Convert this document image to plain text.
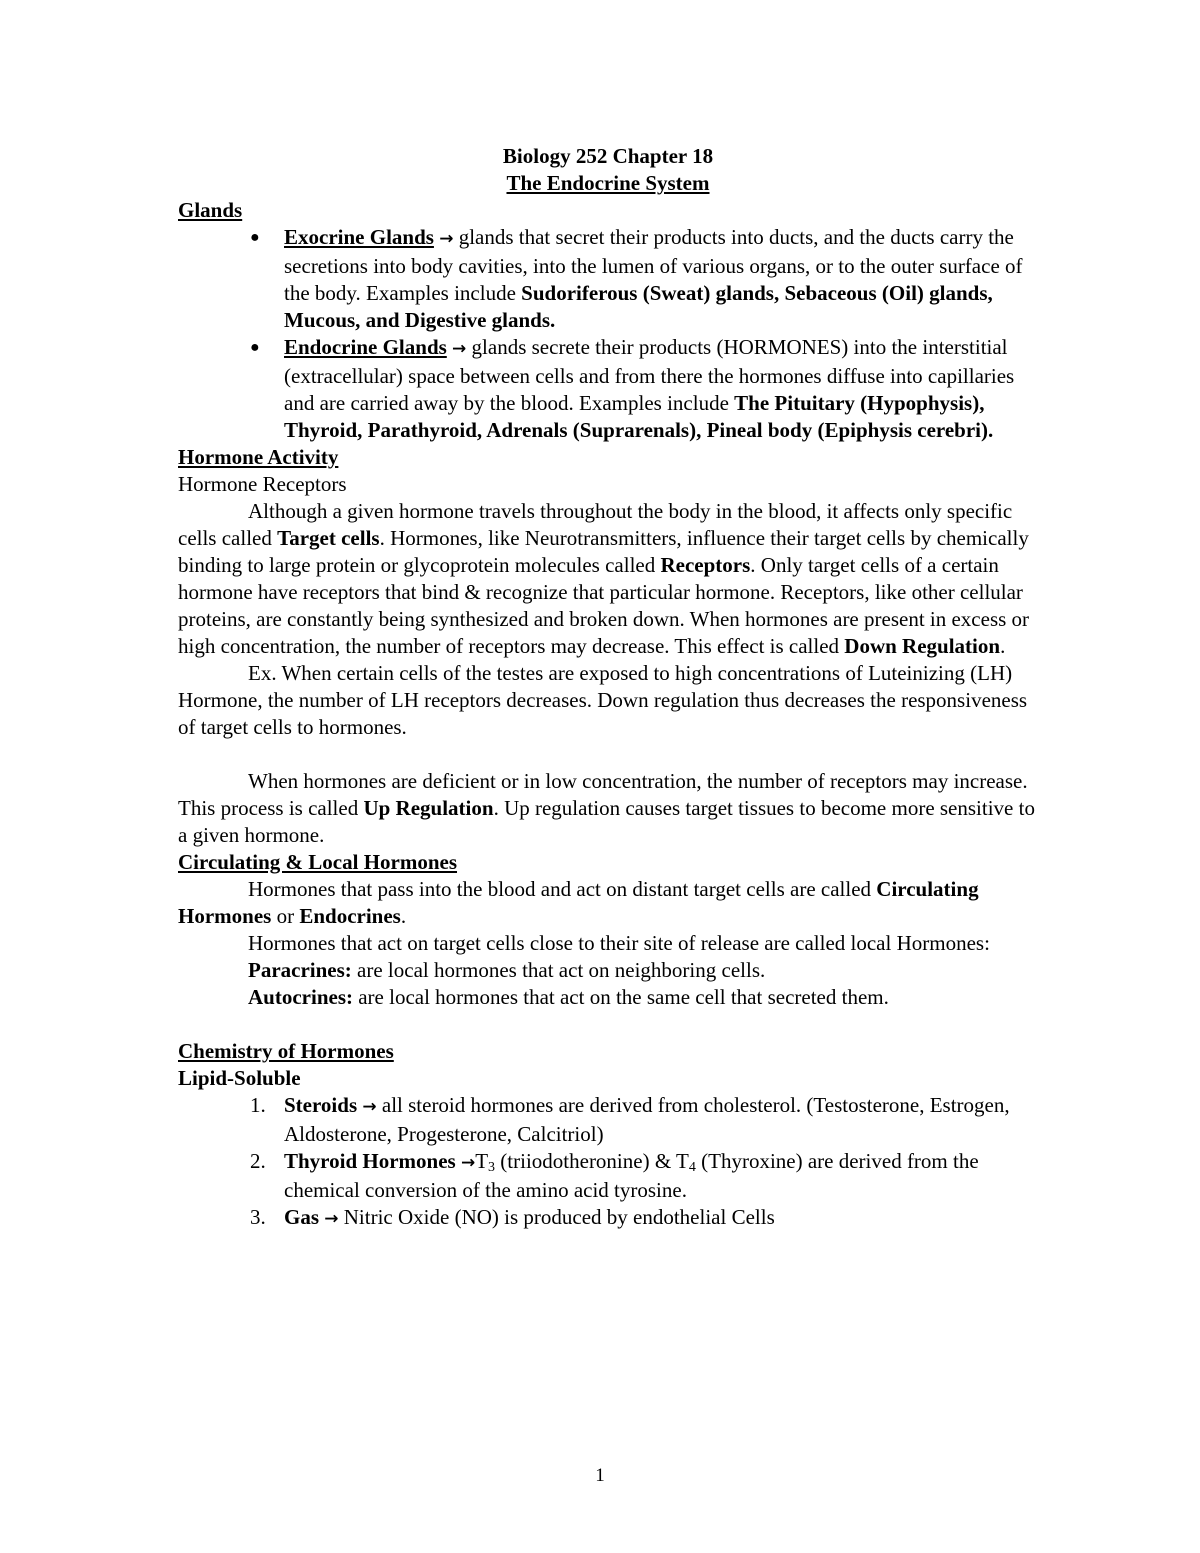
Biology 252 Chapter 18

The Endocrine System

Glands

● Exocrine Glands → glands that secret their products into ducts, and the ducts carry the secretions into body cavities, into the lumen of various organs, or to the outer surface of the body. Examples include Sudoriferous (Sweat) glands, Sebaceous (Oil) glands, Mucous, and Digestive glands.
● Endocrine Glands → glands secrete their products (HORMONES) into the interstitial (extracellular) space between cells and from there the hormones diffuse into capillaries and are carried away by the blood. Examples include The Pituitary (Hypophysis), Thyroid, Parathyroid, Adrenals (Suprarenals), Pineal body (Epiphysis cerebri).

Hormone Activity

Hormone Receptors

Although a given hormone travels throughout the body in the blood, it affects only specific cells called Target cells. Hormones, like Neurotransmitters, influence their target cells by chemically binding to large protein or glycoprotein molecules called Receptors. Only target cells of a certain hormone have receptors that bind & recognize that particular hormone. Receptors, like other cellular proteins, are constantly being synthesized and broken down. When hormones are present in excess or high concentration, the number of receptors may decrease. This effect is called Down Regulation.

Ex. When certain cells of the testes are exposed to high concentrations of Luteinizing (LH) Hormone, the number of LH receptors decreases. Down regulation thus decreases the responsiveness of target cells to hormones.

When hormones are deficient or in low concentration, the number of receptors may increase. This process is called Up Regulation. Up regulation causes target tissues to become more sensitive to a given hormone.

Circulating & Local Hormones

Hormones that pass into the blood and act on distant target cells are called Circulating Hormones or Endocrines.

Hormones that act on target cells close to their site of release are called local Hormones:

Paracrines: are local hormones that act on neighboring cells.

Autocrines: are local hormones that act on the same cell that secreted them.

Chemistry of Hormones

Lipid-Soluble

1. Steroids → all steroid hormones are derived from cholesterol. (Testosterone, Estrogen, Aldosterone, Progesterone, Calcitriol)
2. Thyroid Hormones $\to T_3$ (triiodotheronine) & $T_4$ (Thyroxine) are derived from the chemical conversion of the amino acid tyrosine.
3. Gas → Nitric Oxide (NO) is produced by endothelial Cells
1
